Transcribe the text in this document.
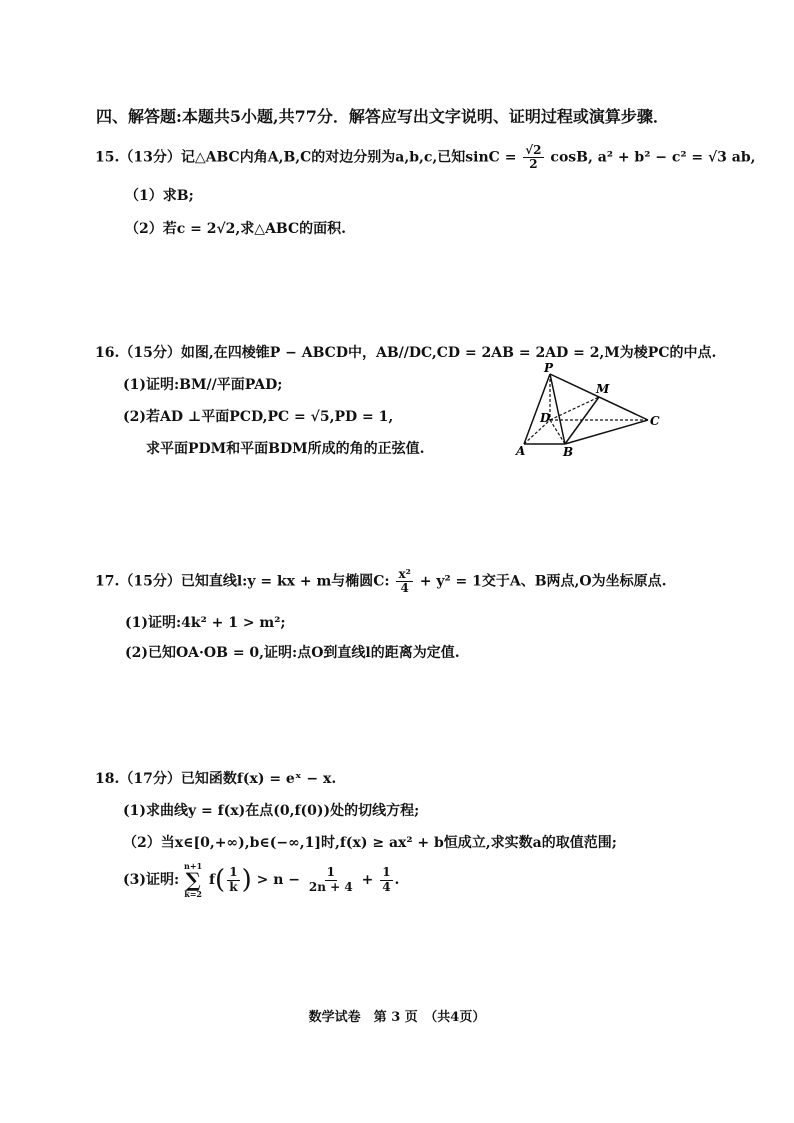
四、解答题:本题共5小题,共77分．解答应写出文字说明、证明过程或演算步骤．
15.（13分）记△ABC内角A,B,C的对边分别为a,b,c,已知$\sin C = \frac{√2}{2} \cos B$, a² + b² − c² = √3 ab,
（1）求B;
（2）若c = 2√2,求△ABC的面积.
16.（15分）如图,在四棱锥P − ABCD中，AB//DC,CD = 2AB = 2AD = 2,M为棱PC的中点.
(1)证明:BM//平面PAD;
(2)若AD ⊥平面PCD,PC = √5,PD = 1,
求平面PDM和平面BDM所成的角的正弦值.
P
M
D	C
A	B
17.（15分）已知直线l:y = kx + m与椭圆C: $\frac{\text{x²}}{4} + y^2 = 1$交于A、B两点,O为坐标原点.
(1)证明:4k² + 1 > m²;
(2)已知OA·OB = 0,证明:点O到直线l的距离为定值.
18.（17分）已知函数f(x) = eˣ − x.
(1)求曲线y = f(x)在点(0,f(0))处的切线方程;
（2）当x∈[0,+∞),b∈(−∞,1]时,f(x) ≥ ax² + b恒成立,求实数a的取值范围;
(3)证明:
n+1
∑
k=2
$f( \frac{1}{k}$ ) > $n - \frac{1}{2n + 4} + \frac{1}{4}$ .
数学试卷　第 3 页　（共4页）
